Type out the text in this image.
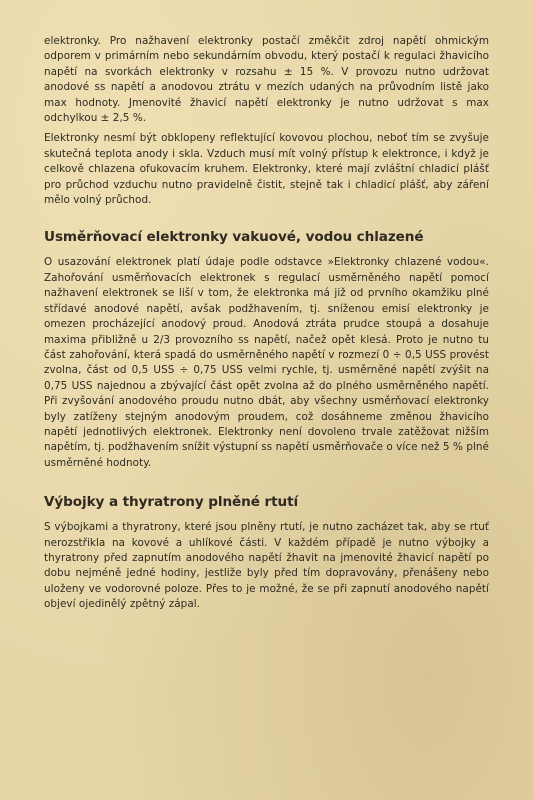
elektronky. Pro nažhavení elektronky postačí změkčit zdroj napětí ohmickým odporem v primárním nebo sekundárním obvodu, který postačí k regulaci žhavicího napětí na svorkách elektronky v rozsahu ± 15 %. V provozu nutno udržovat anodové ss napětí a anodovou ztrátu v mezích udaných na průvodním listě jako max hodnoty. Jmenovité žhavicí napětí elektronky je nutno udržovat s max odchylkou ± 2,5 %.

Elektronky nesmí být obklopeny reflektující kovovou plochou, neboť tím se zvyšuje skutečná teplota anody i skla. Vzduch musí mít volný přístup k elektronce, i když je celkově chlazena ofukovacím kruhem. Elektronky, které mají zvláštní chladicí plášť pro průchod vzduchu nutno pravidelně čistit, stejně tak i chladicí plášť, aby záření mělo volný průchod.

Usměrňovací elektronky vakuové, vodou chlazené

O usazování elektronek platí údaje podle odstavce »Elektronky chlazené vodou«. Zahořování usměrňovacích elektronek s regulací usměrněného napětí pomocí nažhavení elektronek se liší v tom, že elektronka má již od prvního okamžiku plné střídavé anodové napětí, avšak podžhavením, tj. sníženou emisí elektronky je omezen procházející anodový proud. Anodová ztráta prudce stoupá a dosahuje maxima přibližně u 2/3 provozního ss napětí, načež opět klesá. Proto je nutno tu část zahořování, která spadá do usměrněného napětí v rozmezí 0 ÷ 0,5 USS provést zvolna, část od 0,5 USS ÷ 0,75 USS velmi rychle, tj. usměrněné napětí zvýšit na 0,75 USS najednou a zbývající část opět zvolna až do plného usměrněného napětí. Při zvyšování anodového proudu nutno dbát, aby všechny usměrňovací elektronky byly zatíženy stejným anodovým proudem, což dosáhneme změnou žhavicího napětí jednotlivých elektronek. Elektronky není dovoleno trvale zatěžovat nižším napětím, tj. podžhavením snížit výstupní ss napětí usměrňovače o více než 5 % plné usměrněné hodnoty.

Výbojky a thyratrony plněné rtutí

S výbojkami a thyratrony, které jsou plněny rtutí, je nutno zacházet tak, aby se rtuť nerozstřikla na kovové a uhlíkové části. V každém případě je nutno výbojky a thyratrony před zapnutím anodového napětí žhavit na jmenovité žhavicí napětí po dobu nejméně jedné hodiny, jestliže byly před tím dopravovány, přenášeny nebo uloženy ve vodorovné poloze. Přes to je možné, že se při zapnutí anodového napětí objeví ojedinělý zpětný zápal.
